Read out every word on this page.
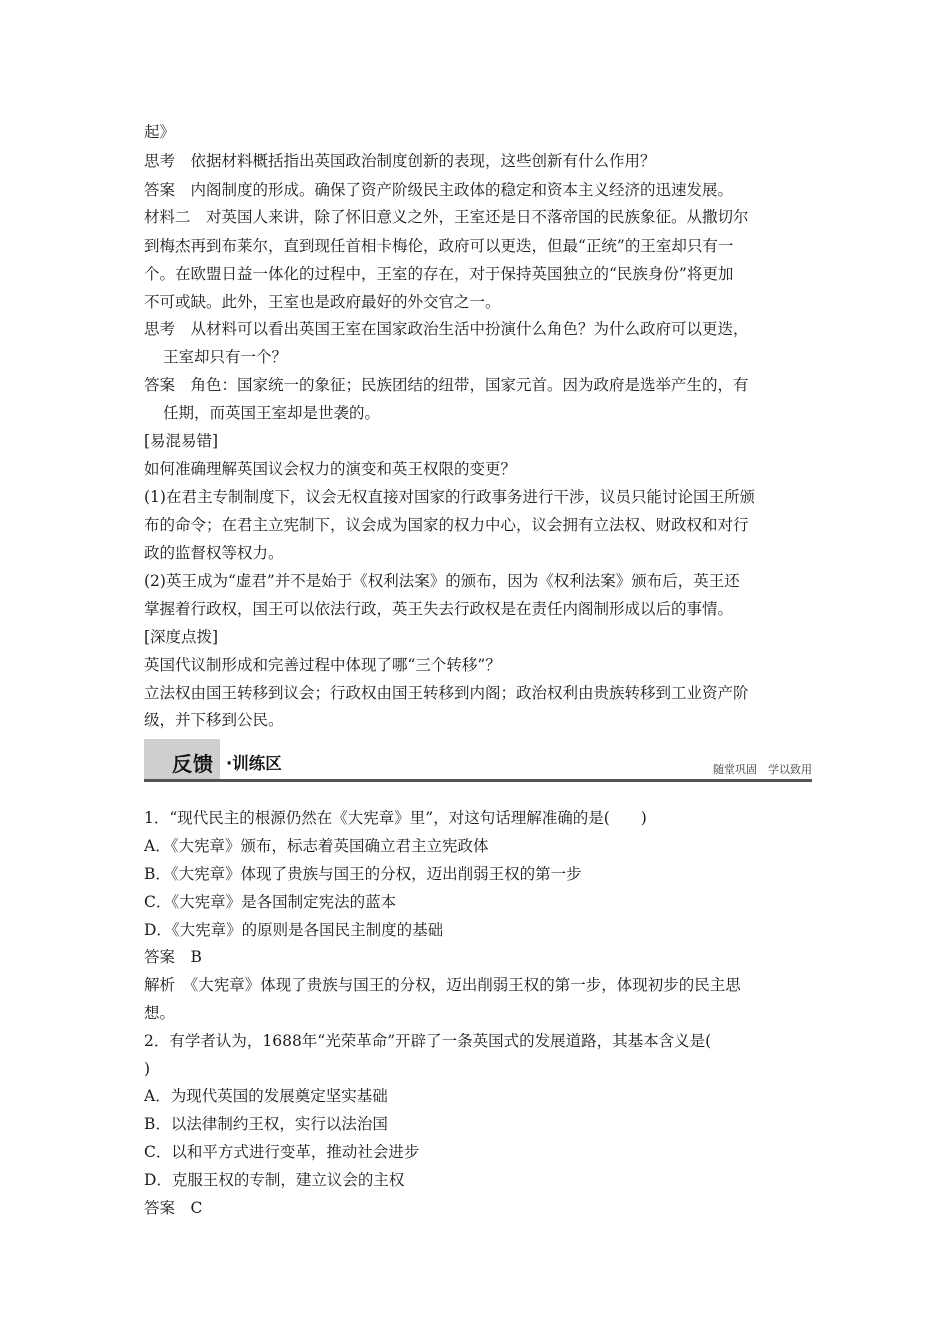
起》
思考　依据材料概括指出英国政治制度创新的表现，这些创新有什么作用？
答案　内阁制度的形成。确保了资产阶级民主政体的稳定和资本主义经济的迅速发展。
材料二　对英国人来讲，除了怀旧意义之外，王室还是日不落帝国的民族象征。从撒切尔
到梅杰再到布莱尔，直到现任首相卡梅伦，政府可以更迭，但最“正统”的王室却只有一
个。在欧盟日益一体化的过程中，王室的存在，对于保持英国独立的“民族身份”将更加
不可或缺。此外，王室也是政府最好的外交官之一。
思考　从材料可以看出英国王室在国家政治生活中扮演什么角色？为什么政府可以更迭，
王室却只有一个？
答案　角色：国家统一的象征；民族团结的纽带，国家元首。因为政府是选举产生的，有
任期，而英国王室却是世袭的。
[易混易错]
如何准确理解英国议会权力的演变和英王权限的变更？
(1)在君主专制制度下，议会无权直接对国家的行政事务进行干涉，议员只能讨论国王所颁
布的命令；在君主立宪制下，议会成为国家的权力中心，议会拥有立法权、财政权和对行
政的监督权等权力。
(2)英王成为“虚君”并不是始于《权利法案》的颁布，因为《权利法案》颁布后，英王还
掌握着行政权，国王可以依法行政，英王失去行政权是在责任内阁制形成以后的事情。
[深度点拨]
英国代议制形成和完善过程中体现了哪“三个转移”？
立法权由国王转移到议会；行政权由国王转移到内阁；政治权利由贵族转移到工业资产阶
级，并下移到公民。
反馈 ·训练区	随堂巩固　学以致用
1．“现代民主的根源仍然在《大宪章》里”，对这句话理解准确的是(　　)
A．《大宪章》颁布，标志着英国确立君主立宪政体
B．《大宪章》体现了贵族与国王的分权，迈出削弱王权的第一步
C．《大宪章》是各国制定宪法的蓝本
D．《大宪章》的原则是各国民主制度的基础
答案　B
解析　《大宪章》体现了贵族与国王的分权，迈出削弱王权的第一步，体现初步的民主思
想。
2．有学者认为，1688年“光荣革命”开辟了一条英国式的发展道路，其基本含义是(
)
A．为现代英国的发展奠定坚实基础
B．以法律制约王权，实行以法治国
C．以和平方式进行变革，推动社会进步
D．克服王权的专制，建立议会的主权
答案　C
